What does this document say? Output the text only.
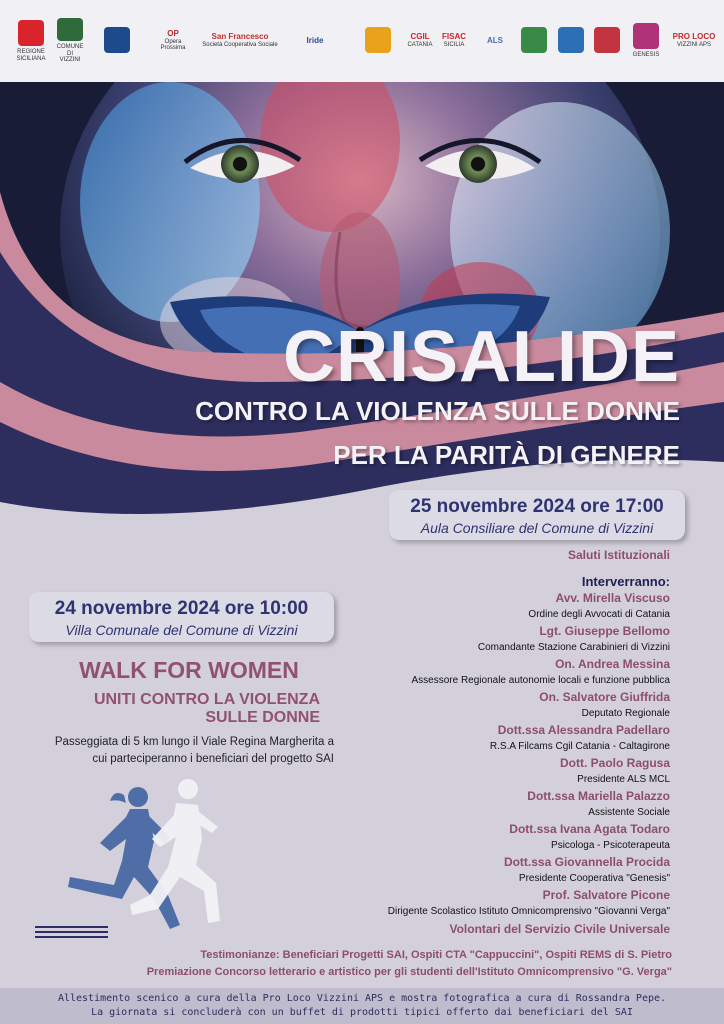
REGIONE SICILIANA
COMUNE DI VIZZINI
OP
Opera Prossima
San Francesco
Società Cooperativa Sociale
Iride	CGIL
CATANIA
FISAC
SICILIA
ALS
GENESIS
PRO LOCO
VIZZINI APS
CRISALIDE
CONTRO LA VIOLENZA SULLE DONNE
PER LA PARITÀ DI GENERE
25 novembre 2024 ore 17:00
Aula Consiliare del Comune di Vizzini
24 novembre 2024 ore 10:00
Villa Comunale del Comune di Vizzini
WALK FOR WOMEN
UNITI CONTRO LA VIOLENZA
SULLE DONNE
Passeggiata di 5 km lungo il Viale Regina Margherita a
cui parteciperanno i beneficiari del progetto SAI
Saluti Istituzionali
Interverranno:
Avv. Mirella Viscuso
Ordine degli Avvocati di Catania
Lgt. Giuseppe Bellomo
Comandante Stazione Carabinieri di Vizzini
On. Andrea Messina
Assessore Regionale autonomie locali e funzione pubblica
On. Salvatore Giuffrida
Deputato Regionale
Dott.ssa Alessandra Padellaro
R.S.A Filcams Cgil Catania - Caltagirone
Dott. Paolo Ragusa
Presidente ALS MCL
Dott.ssa Mariella Palazzo
Assistente Sociale
Dott.ssa Ivana Agata Todaro
Psicologa - Psicoterapeuta
Dott.ssa Giovannella Procida
Presidente Cooperativa "Genesis"
Prof. Salvatore Picone
Dirigente Scolastico Istituto Omnicomprensivo "Giovanni Verga"
Volontari del Servizio Civile Universale
Testimonianze: Beneficiari Progetti SAI, Ospiti CTA "Cappuccini", Ospiti REMS di S. Pietro
Premiazione Concorso letterario e artistico per gli studenti dell'Istituto Omnicomprensivo "G. Verga"
Allestimento scenico a cura della Pro Loco Vizzini APS e mostra fotografica a cura di Rossandra Pepe.
La giornata si concluderà con un buffet di prodotti tipici offerto dai beneficiari del SAI
